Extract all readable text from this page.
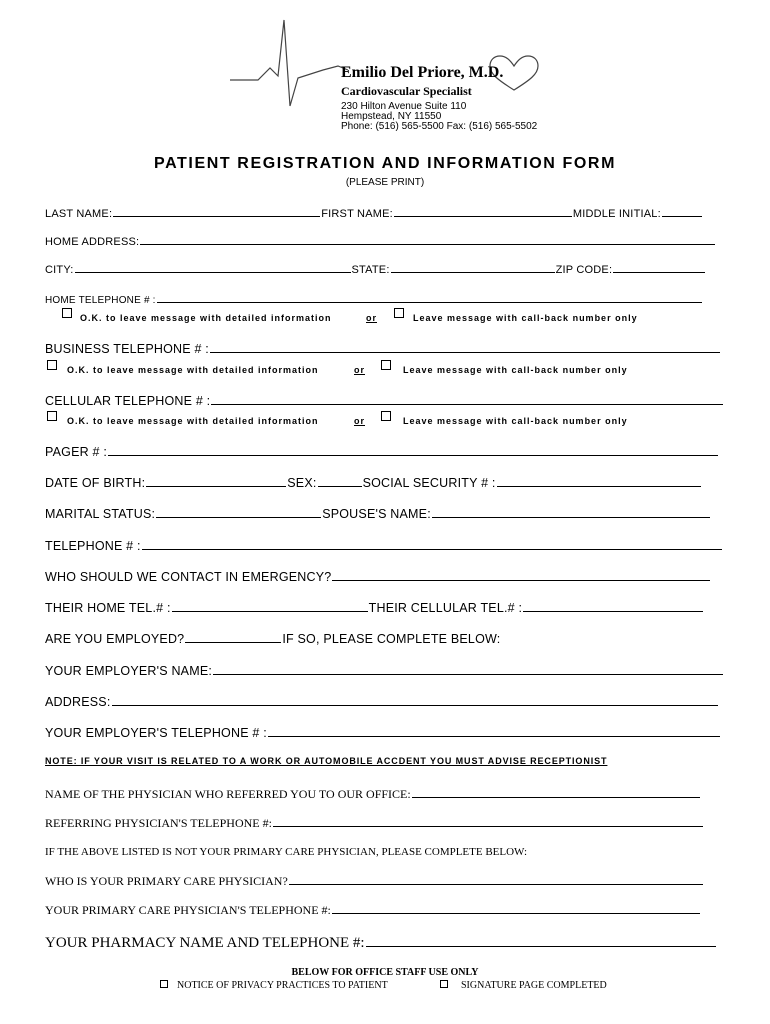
Emilio Del Priore, M.D.
Cardiovascular Specialist
230 Hilton Avenue Suite 110
Hempstead, NY 11550
Phone: (516) 565-5500 Fax: (516) 565-5502
PATIENT REGISTRATION AND INFORMATION FORM
(PLEASE PRINT)
LAST NAME:	FIRST NAME:	MIDDLE INITIAL:
HOME ADDRESS:
CITY:	STATE:	ZIP CODE:
HOME TELEPHONE # :
O.K. to leave message with detailed information	or	Leave message with call-back number only
BUSINESS TELEPHONE # :
O.K. to leave message with detailed information	or	Leave message with call-back number only
CELLULAR TELEPHONE # :
O.K. to leave message with detailed information	or	Leave message with call-back number only
PAGER # :
DATE OF BIRTH:	SEX:	SOCIAL SECURITY # :
MARITAL STATUS:	SPOUSE'S NAME:
TELEPHONE # :
WHO SHOULD WE CONTACT IN EMERGENCY?
THEIR HOME TEL.# :	THEIR CELLULAR TEL.# :
ARE YOU EMPLOYED?	IF SO, PLEASE COMPLETE BELOW:
YOUR EMPLOYER'S NAME:
ADDRESS:
YOUR EMPLOYER'S TELEPHONE # :
NOTE: IF YOUR VISIT IS RELATED TO A WORK OR AUTOMOBILE ACCDENT YOU MUST ADVISE RECEPTIONIST
NAME OF THE PHYSICIAN WHO REFERRED YOU TO OUR OFFICE:
REFERRING PHYSICIAN'S TELEPHONE #:
IF THE ABOVE LISTED IS NOT YOUR PRIMARY CARE PHYSICIAN, PLEASE COMPLETE BELOW:
WHO IS YOUR PRIMARY CARE PHYSICIAN?
YOUR PRIMARY CARE PHYSICIAN'S TELEPHONE #:
YOUR PHARMACY NAME AND TELEPHONE #:
BELOW FOR OFFICE STAFF USE ONLY
NOTICE OF PRIVACY PRACTICES TO PATIENT	SIGNATURE PAGE COMPLETED
